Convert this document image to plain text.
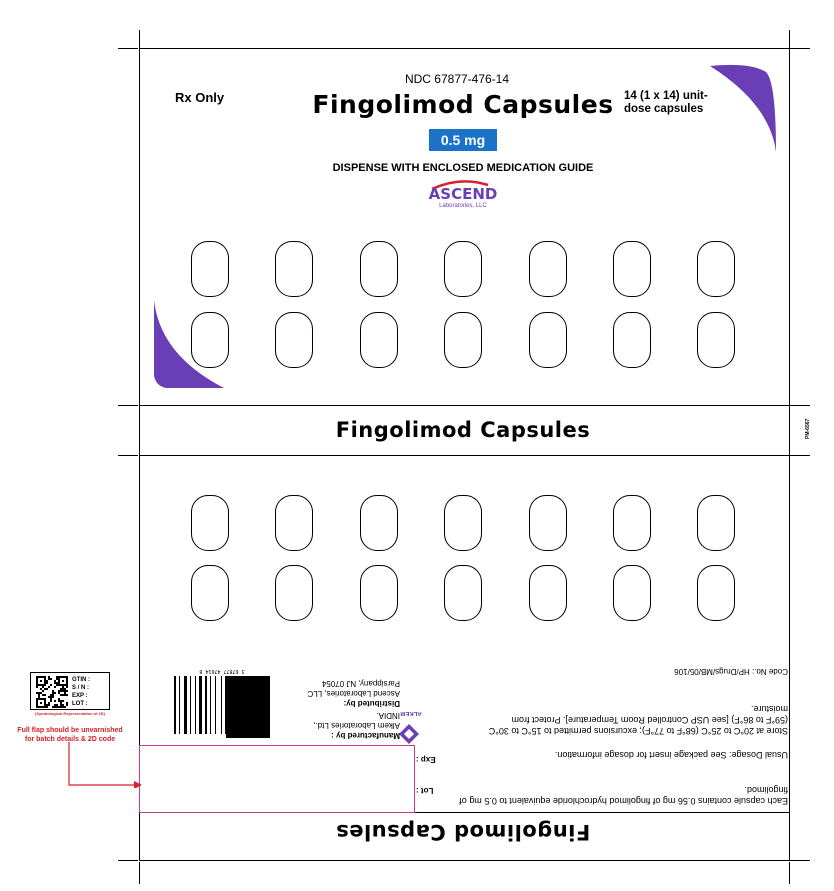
Rx Only
NDC 67877-476-14
Fingolimod Capsules 14 (1 x 14) unit-dose capsules
0.5 mg
DISPENSE WITH ENCLOSED MEDICATION GUIDE
ASCEND
Laboratories, LLC
Fingolimod Capsules	PM-6567
Each capsule contains 0.56 mg of fingolimod hydrochloride equivalent to 0.5 mg of fingolimod.
Usual Dosage: See package insert for dosage information.
Store at 20°C to 25°C (68°F to 77°F); excursions permitted to 15°C to 30°C (59°F to 86°F) [see USP Controlled Room Temperature]. Protect from moisture.
Code No.: HP/Drugs/MB/05/106
ALKEM
Manufactured by :
Alkem Laboratories Ltd., INDIA.
Distributed by:
Ascend Laboratories, LLC Parsippany, NJ 07054
3 67877 47614 8
Exp :
Lot :
Fingolimod Capsules
GTIN :
S / N :
EXP :
LOT :
(Symbological Representation of 2D)
Full flap should be unvarnished for batch details & 2D code
